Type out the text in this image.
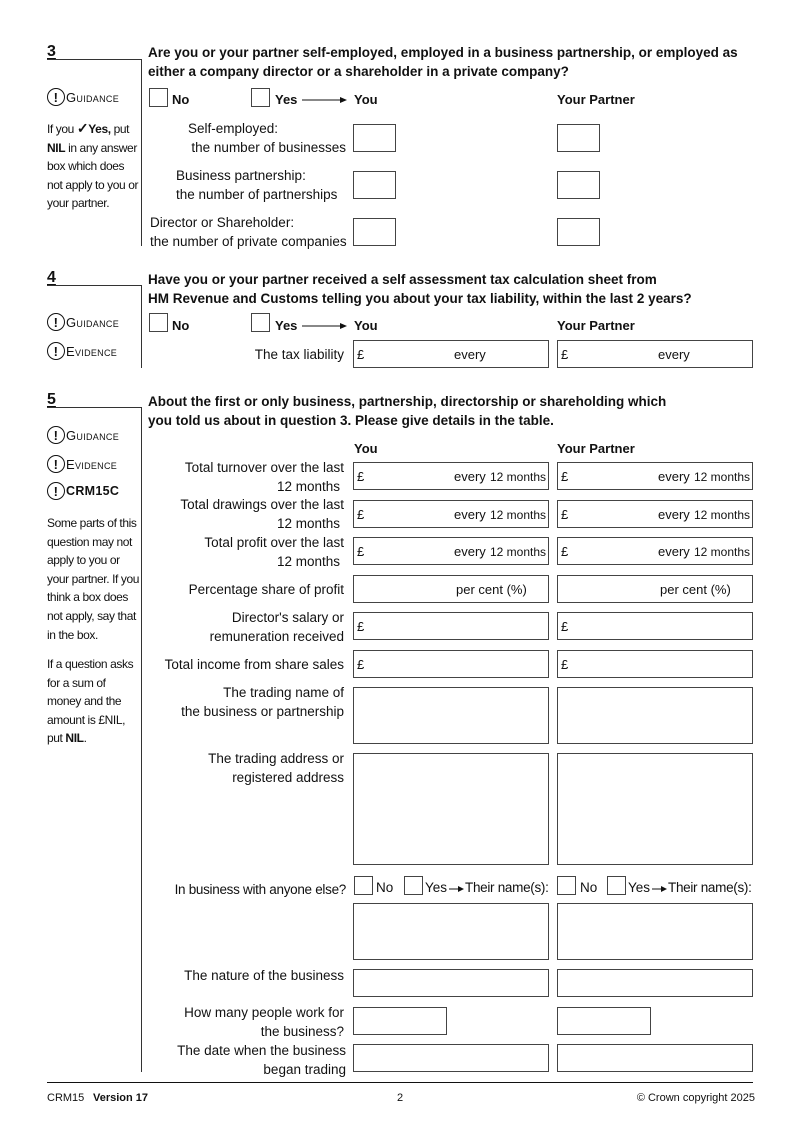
3	Are you or your partner self-employed, employed in a business partnership, or employed as either a company director or a shareholder in a private company?
! Guidance	No	Yes	You	Your Partner
If you ✓Yes, put NIL in any answer box which does not apply to you or your partner.
Self-employed:
the number of businesses
Business partnership:
the number of partnerships
Director or Shareholder:
the number of private companies
4	Have you or your partner received a self assessment tax calculation sheet from
HM Revenue and Customs telling you about your tax liability, within the last 2 years?
! Guidance
! Evidence
No	Yes	You	Your Partner
The tax liability £	every	£	every
5	About the first or only business, partnership, directorship or shareholding which
you told us about in question 3. Please give details in the table.
! Guidance
! Evidence
! CRM15C
Some parts of this question may not apply to you or your partner. If you think a box does not apply, say that in the box.
If a question asks for a sum of money and the amount is £NIL, put NIL.
You	Your Partner
Total turnover over the last
12 months
£	every 12 months £	every 12 months
Total drawings over the last
12 months
£	every 12 months £	every 12 months
Total profit over the last
12 months
£	every 12 months £	every 12 months
Percentage share of profit	per cent (%)	per cent (%)
Director's salary or
remuneration received
£	£
Total income from share sales £	£
The trading name of
the business or partnership
The trading address or
registered address
In business with anyone else? No Yes Their name(s): No Yes Their name(s):
The nature of the business
How many people work for
the business?
The date when the business
began trading
CRM15 Version 17	2	© Crown copyright 2025
